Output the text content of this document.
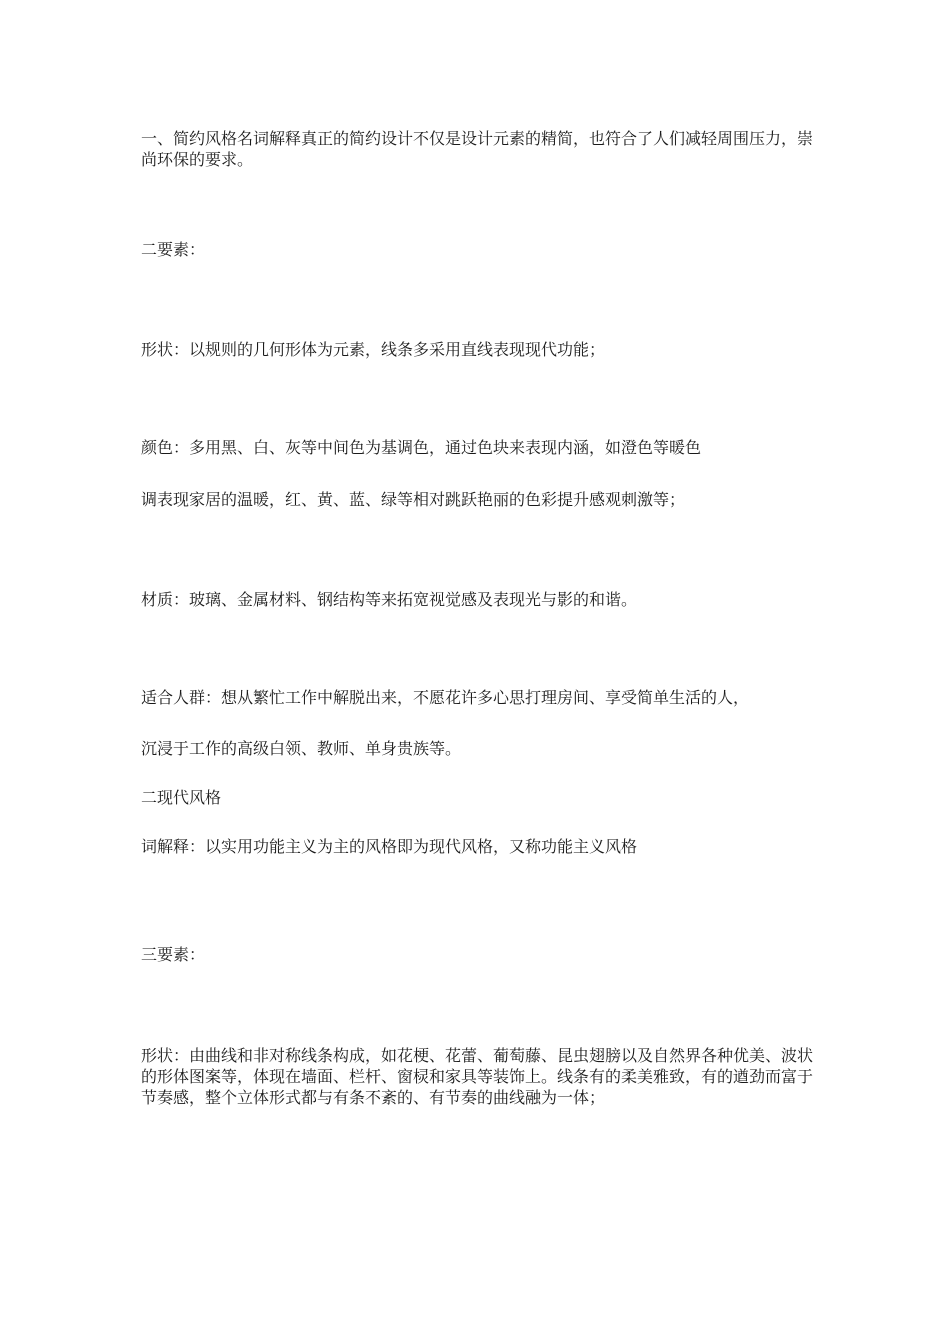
一、简约风格名词解释真正的简约设计不仅是设计元素的精简，也符合了人们减轻周围压力，崇尚环保的要求。

二要素：

形状：以规则的几何形体为元素，线条多采用直线表现现代功能；

颜色：多用黑、白、灰等中间色为基调色，通过色块来表现内涵，如澄色等暖色

调表现家居的温暖，红、黄、蓝、绿等相对跳跃艳丽的色彩提升感观刺激等；

材质：玻璃、金属材料、钢结构等来拓宽视觉感及表现光与影的和谐。

适合人群：想从繁忙工作中解脱出来，不愿花许多心思打理房间、享受简单生活的人，

沉浸于工作的高级白领、教师、单身贵族等。

二现代风格

词解释：以实用功能主义为主的风格即为现代风格，又称功能主义风格

三要素：

形状：由曲线和非对称线条构成，如花梗、花蕾、葡萄藤、昆虫翅膀以及自然界各种优美、波状的形体图案等，体现在墙面、栏杆、窗棂和家具等装饰上。线条有的柔美雅致，有的遒劲而富于节奏感，整个立体形式都与有条不紊的、有节奏的曲线融为一体；
